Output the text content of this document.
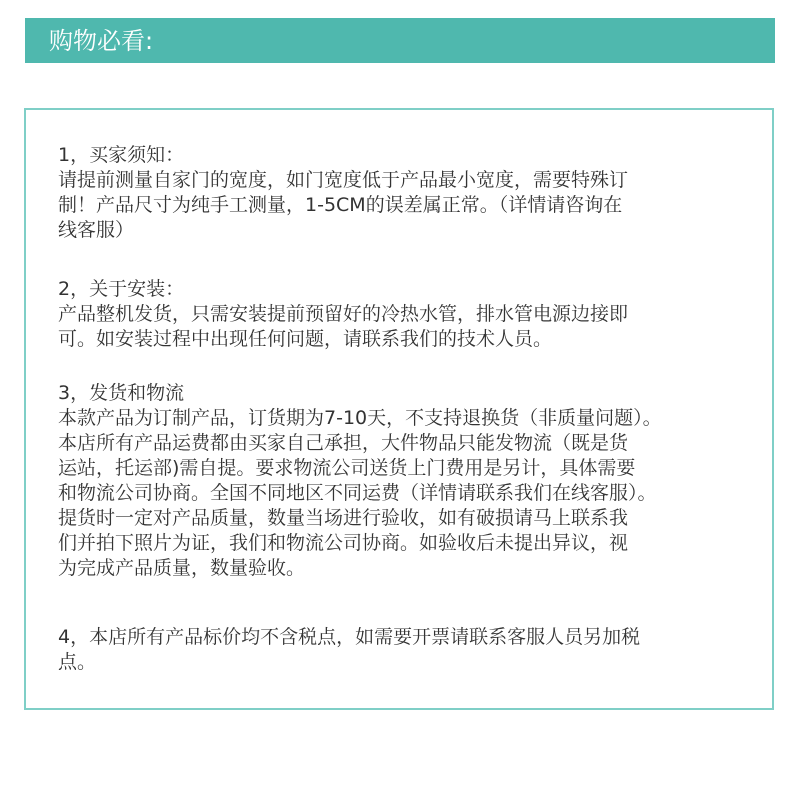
购物必看:
1，买家须知：
请提前测量自家门的宽度，如门宽度低于产品最小宽度，需要特殊订
制！产品尺寸为纯手工测量，1-5CM的误差属正常。（详情请咨询在
线客服）
2，关于安装：
产品整机发货，只需安装提前预留好的冷热水管，排水管电源边接即
可。如安装过程中出现任何问题，请联系我们的技术人员。
3，发货和物流
本款产品为订制产品，订货期为7-10天，不支持退换货（非质量问题）。
本店所有产品运费都由买家自己承担，大件物品只能发物流（既是货
运站，托运部)需自提。要求物流公司送货上门费用是另计，具体需要
和物流公司协商。全国不同地区不同运费（详情请联系我们在线客服）。
提货时一定对产品质量，数量当场进行验收，如有破损请马上联系我
们并拍下照片为证，我们和物流公司协商。如验收后未提出异议，视
为完成产品质量，数量验收。
4，本店所有产品标价均不含税点，如需要开票请联系客服人员另加税
点。
